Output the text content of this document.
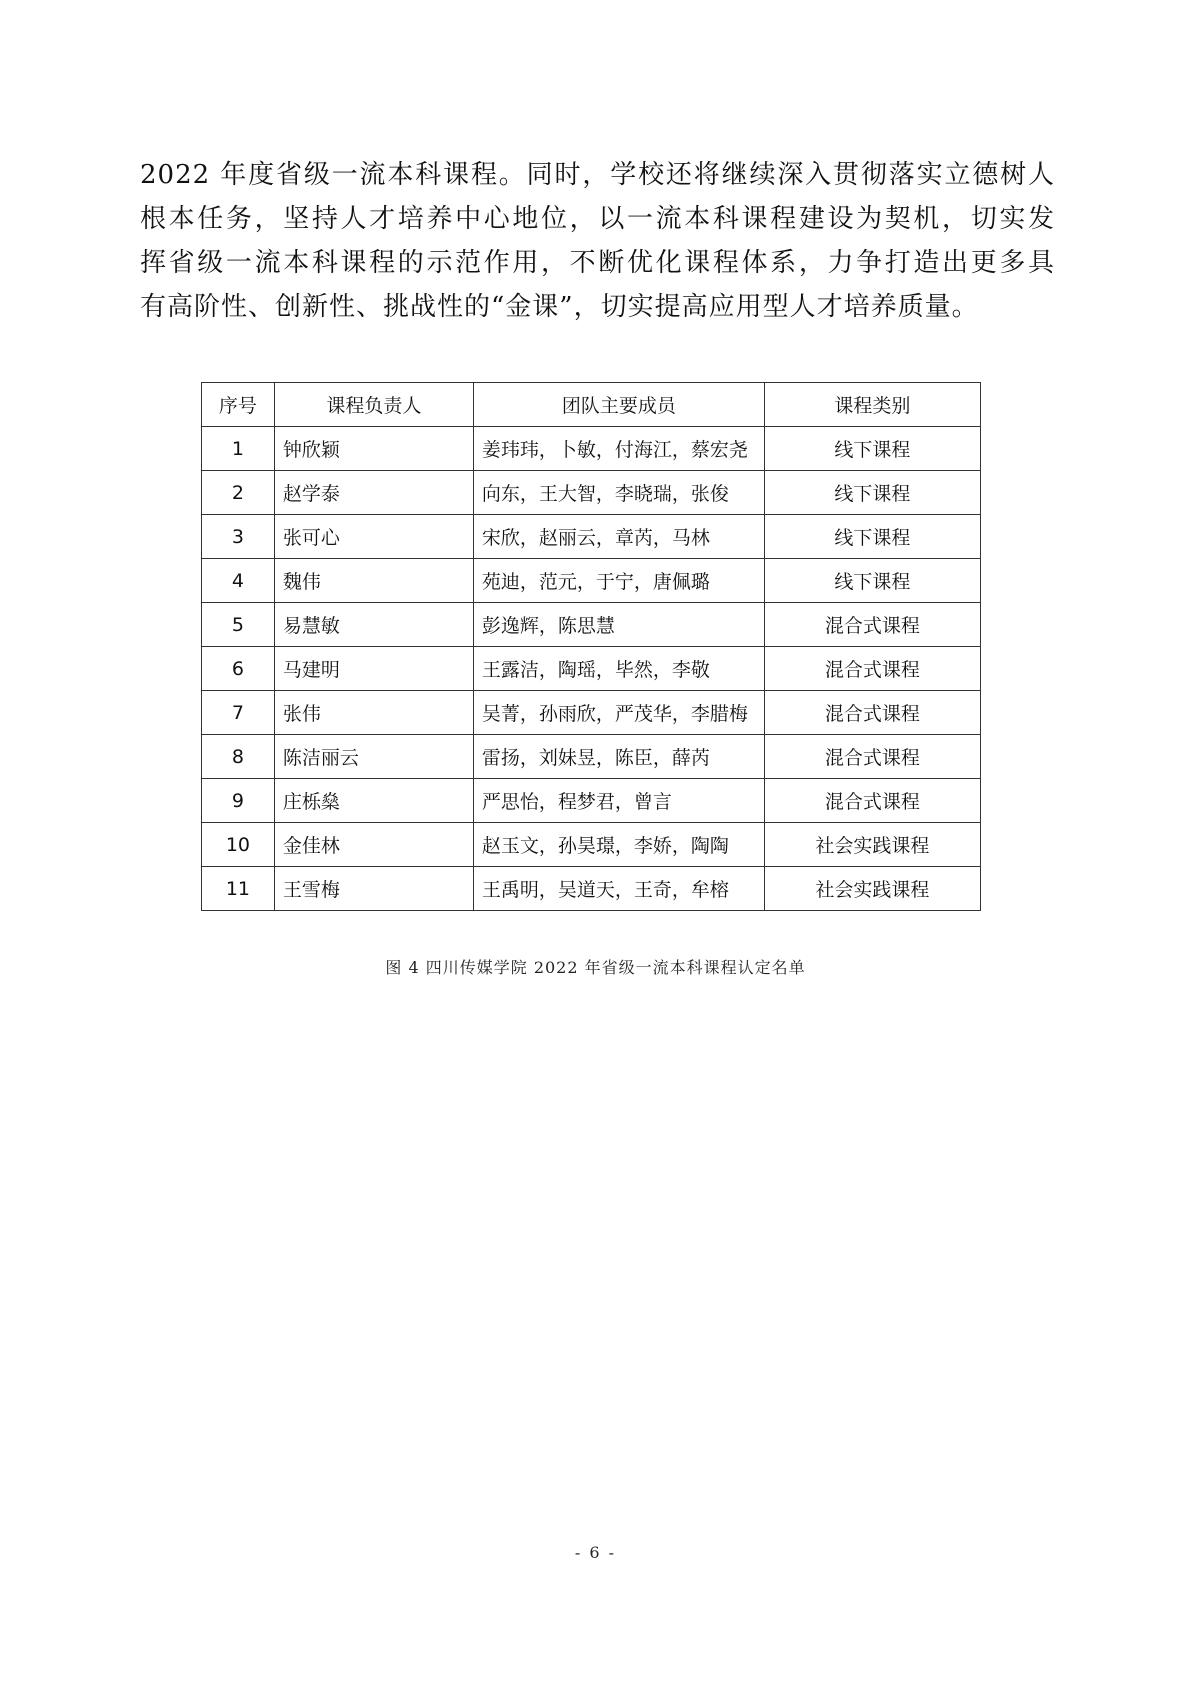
2022 年度省级一流本科课程。同时，学校还将继续深入贯彻落实立德树人
根本任务，坚持人才培养中心地位，以一流本科课程建设为契机，切实发
挥省级一流本科课程的示范作用，不断优化课程体系，力争打造出更多具
有高阶性、创新性、挑战性的“金课”，切实提高应用型人才培养质量。
序号	课程负责人	团队主要成员	课程类别
1	钟欣颖	姜玮玮，卜敏，付海江，蔡宏尧	线下课程
2	赵学泰	向东，王大智，李晓瑞，张俊	线下课程
3	张可心	宋欣，赵丽云，章芮，马林	线下课程
4	魏伟	苑迪，范元，于宁，唐佩璐	线下课程
5	易慧敏	彭逸辉，陈思慧	混合式课程
6	马建明	王露洁，陶瑶，毕然，李敬	混合式课程
7	张伟	吴菁，孙雨欣，严茂华，李腊梅	混合式课程
8	陈洁丽云	雷扬，刘妹昱，陈臣，薛芮	混合式课程
9	庄栎燊	严思怡，程梦君，曾言	混合式课程
10	金佳林	赵玉文，孙昊璟，李娇，陶陶	社会实践课程
11	王雪梅	王禹明，吴道天，王奇，牟榕	社会实践课程
图 4 四川传媒学院 2022 年省级一流本科课程认定名单
- 6 -
